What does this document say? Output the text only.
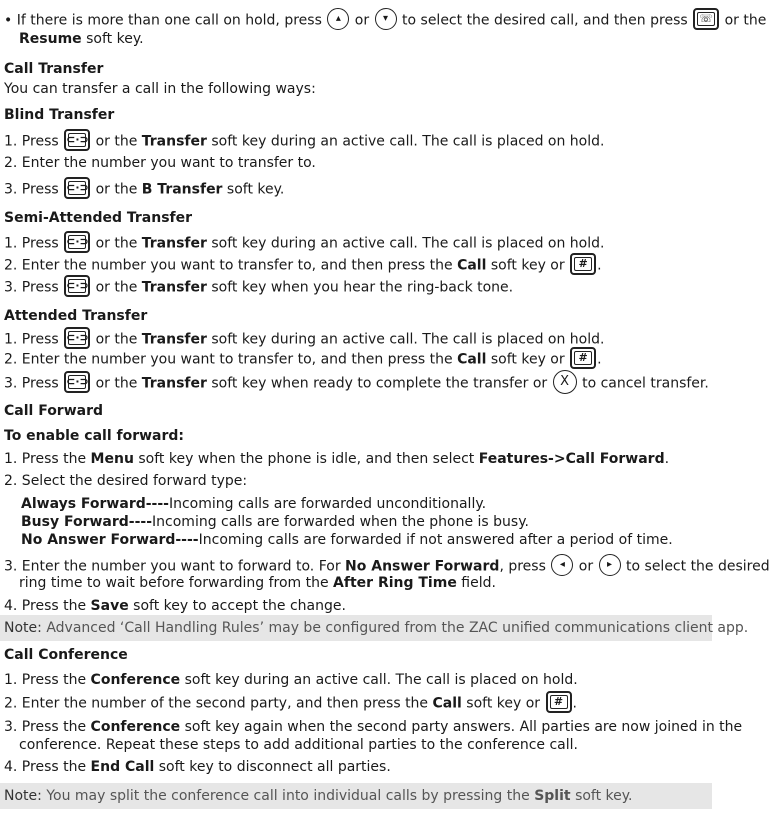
• If there is more than one call on hold, press ▴ or ▾ to select the desired call, and then press	☏ or the
Resume soft key.
Call Transfer
You can transfer a call in the following ways:
Blind Transfer
1. Press ⊂·⊃ or the Transfer soft key during an active call. The call is placed on hold.
2. Enter the number you want to transfer to.
3. Press ⊂·⊃ or the B Transfer soft key.
Semi-Attended Transfer
1. Press ⊂·⊃ or the Transfer soft key during an active call. The call is placed on hold.
2. Enter the number you want to transfer to, and then press the Call soft key or	# .
3. Press ⊂·⊃ or the Transfer soft key when you hear the ring-back tone.
Attended Transfer
1. Press ⊂·⊃ or the Transfer soft key during an active call. The call is placed on hold.
2. Enter the number you want to transfer to, and then press the Call soft key or	# .
3. Press ⊂·⊃ or the Transfer soft key when ready to complete the transfer or X to cancel transfer.
Call Forward
To enable call forward:
1. Press the Menu soft key when the phone is idle, and then select Features->Call Forward.
2. Select the desired forward type:
Always Forward----Incoming calls are forwarded unconditionally.
Busy Forward----Incoming calls are forwarded when the phone is busy.
No Answer Forward----Incoming calls are forwarded if not answered after a period of time.
3. Enter the number you want to forward to. For No Answer Forward, press ◂ or ▸ to select the desired
ring time to wait before forwarding from the After Ring Time field.
4. Press the Save soft key to accept the change.
Note: Advanced ‘Call Handling Rules’ may be configured from the ZAC unified communications client app.
Call Conference
1. Press the Conference soft key during an active call. The call is placed on hold.
2. Enter the number of the second party, and then press the Call soft key or	# .
3. Press the Conference soft key again when the second party answers. All parties are now joined in the
conference. Repeat these steps to add additional parties to the conference call.
4. Press the End Call soft key to disconnect all parties.
Note: You may split the conference call into individual calls by pressing the Split soft key.
